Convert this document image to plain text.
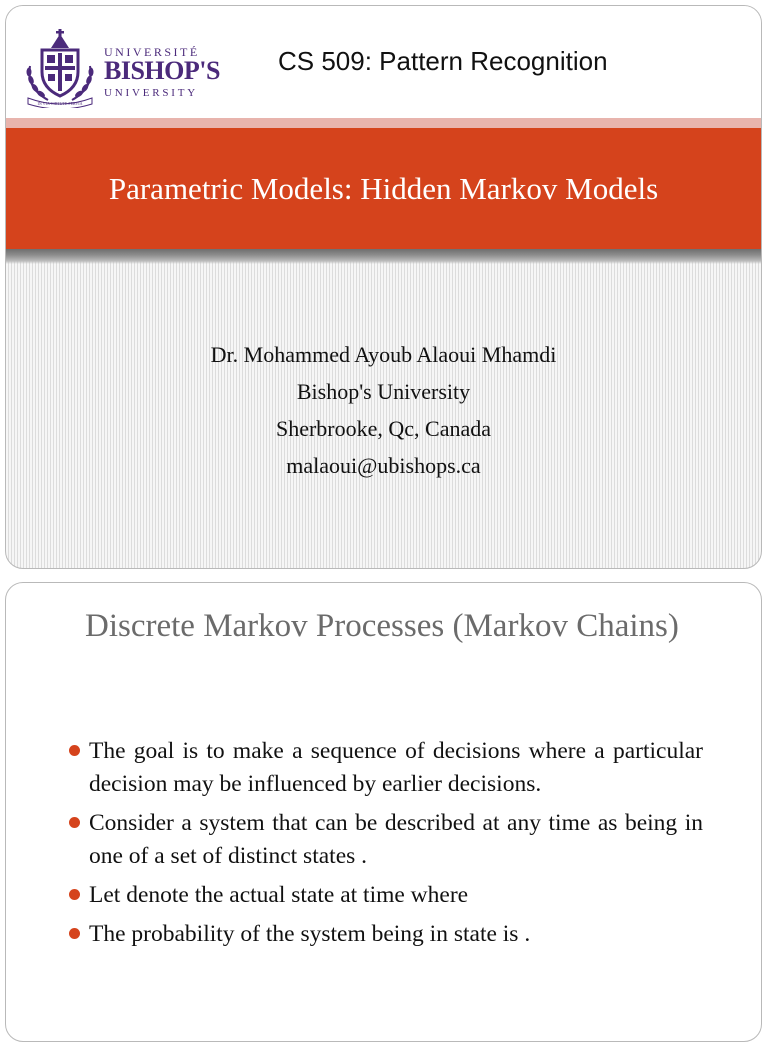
IN VIA VIRTUTE PERVIA
UNIVERSITÉ
BISHOP'S
UNIVERSITY
CS 509: Pattern Recognition
Parametric Models: Hidden Markov Models
Dr. Mohammed Ayoub Alaoui Mhamdi
Bishop's University
Sherbrooke, Qc, Canada
malaoui@ubishops.ca
Discrete Markov Processes (Markov Chains)
The goal is to make a sequence of decisions where a particular decision may be influenced by earlier decisions.
Consider a system that can be described at any time as being in one of a set of distinct states .
Let denote the actual state at time where
The probability of the system being in state is .
